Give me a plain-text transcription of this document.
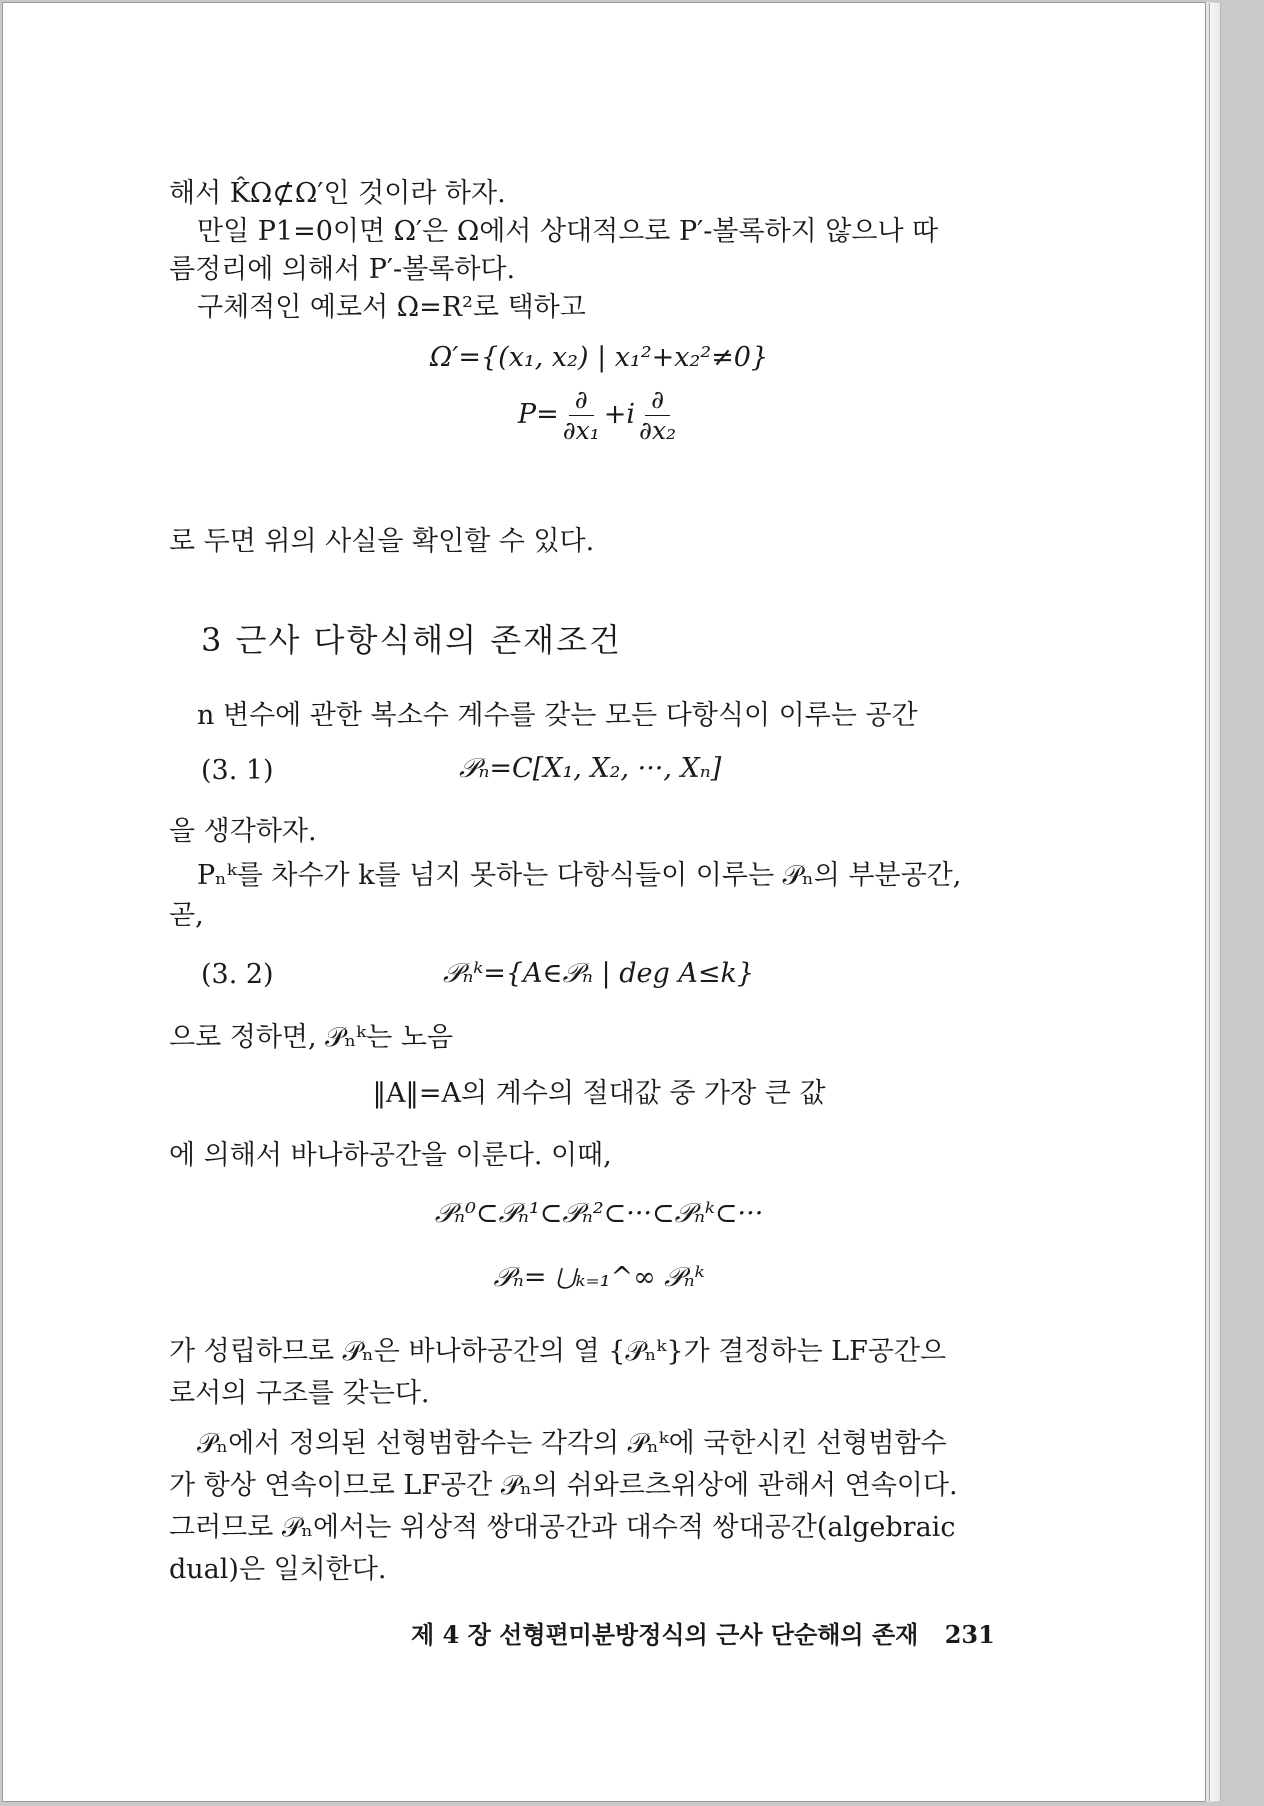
해서 K̂Ω⊄Ω′인 것이라 하자.
만일 P1=0이면 Ω′은 Ω에서 상대적으로 P′-볼록하지 않으나 따
름정리에 의해서 P′-볼록하다.
구체적인 예로서 Ω=R²로 택하고
Ω′={(x₁, x₂) | x₁²+x₂²≠0}
$P= \frac{\partial}{\text{∂x₁}} +i \frac{\partial}{\text{∂x₂}}$
로 두면 위의 사실을 확인할 수 있다.
3 근사 다항식해의 존재조건
n 변수에 관한 복소수 계수를 갖는 모든 다항식이 이루는 공간
(3. 1)	𝒫ₙ=C[X₁, X₂, ···, Xₙ]
을 생각하자.
Pₙᵏ를 차수가 k를 넘지 못하는 다항식들이 이루는 𝒫ₙ의 부분공간,
곧,
(3. 2)	𝒫ₙᵏ={A∈𝒫ₙ | deg A≤k}
으로 정하면, 𝒫ₙᵏ는 노음
‖A‖=A의 계수의 절대값 중 가장 큰 값
에 의해서 바나하공간을 이룬다. 이때,
𝒫ₙ⁰⊂𝒫ₙ¹⊂𝒫ₙ²⊂···⊂𝒫ₙᵏ⊂···
𝒫ₙ= ⋃ₖ₌₁^∞ 𝒫ₙᵏ
가 성립하므로 𝒫ₙ은 바나하공간의 열 {𝒫ₙᵏ}가 결정하는 LF공간으
로서의 구조를 갖는다.
𝒫ₙ에서 정의된 선형범함수는 각각의 𝒫ₙᵏ에 국한시킨 선형범함수
가 항상 연속이므로 LF공간 𝒫ₙ의 쉬와르츠위상에 관해서 연속이다.
그러므로 𝒫ₙ에서는 위상적 쌍대공간과 대수적 쌍대공간(algebraic
dual)은 일치한다.
제 4 장 선형편미분방정식의 근사 단순해의 존재 231
